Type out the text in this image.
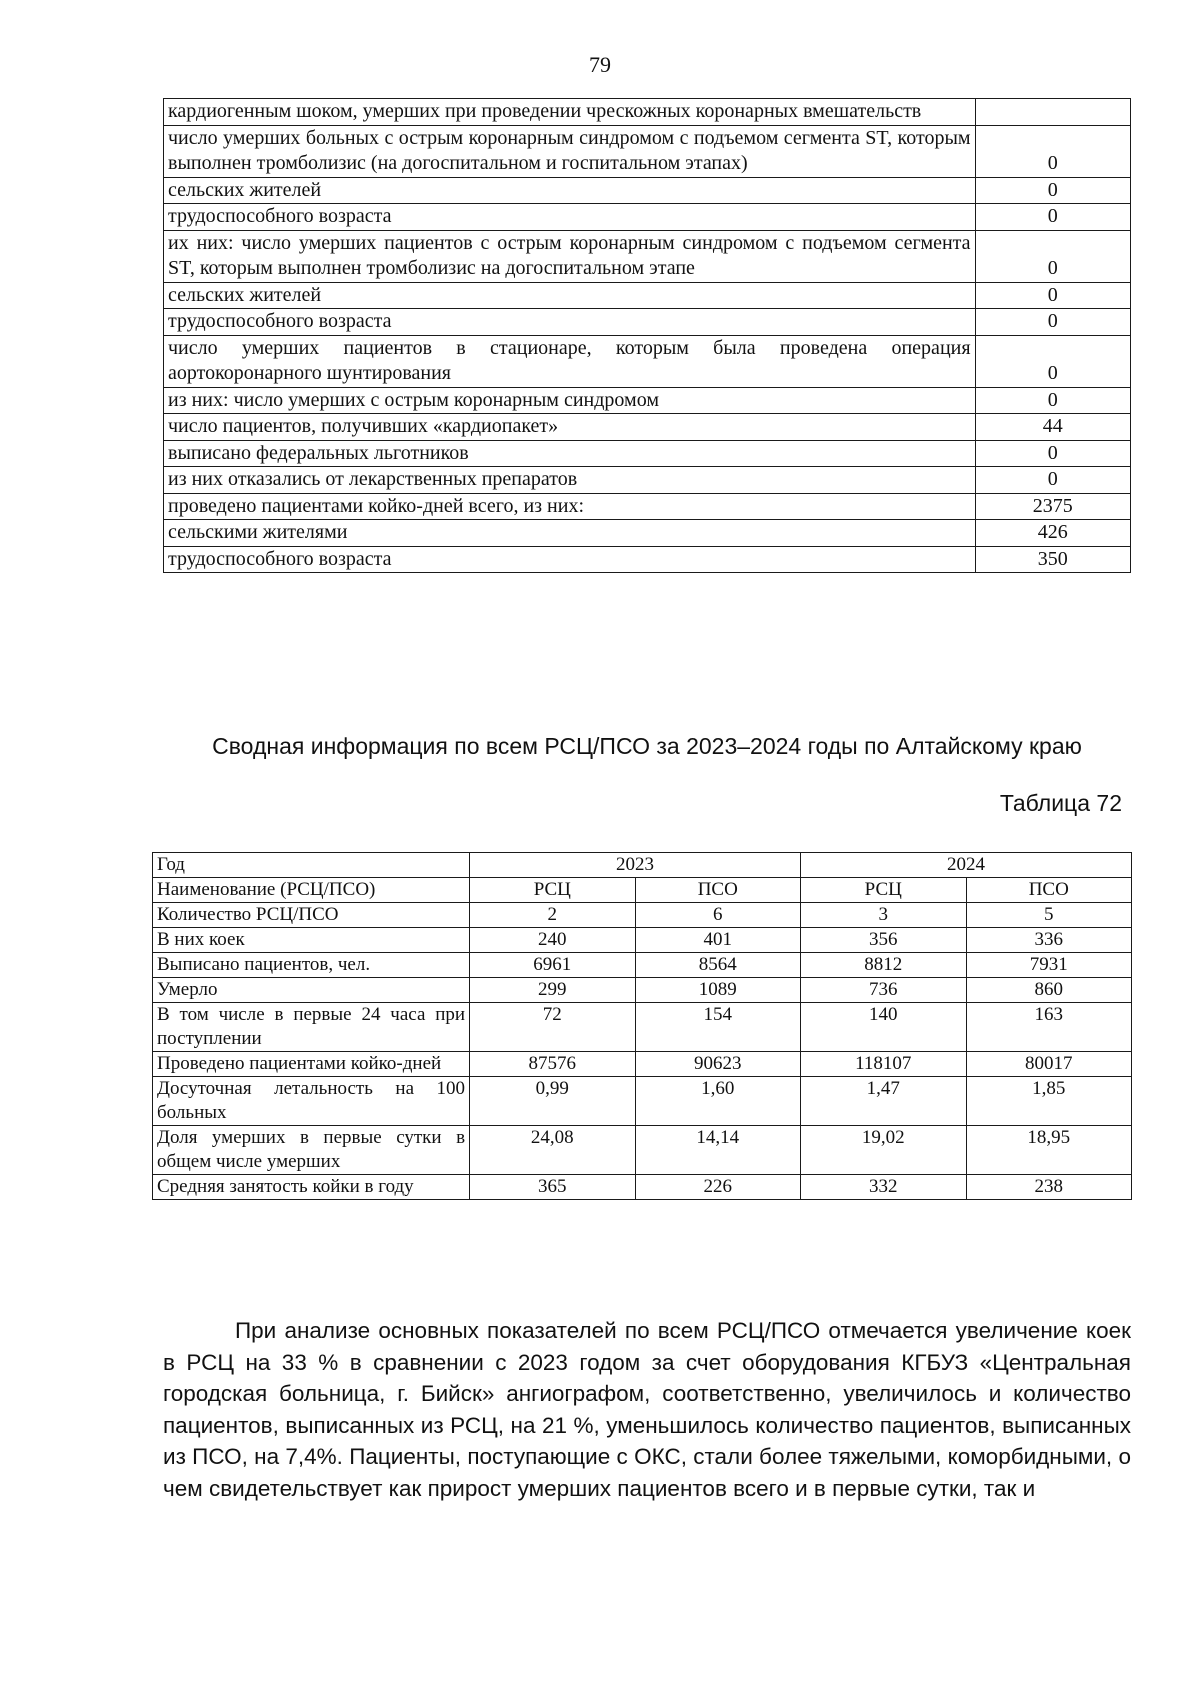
79
кардиогенным шоком, умерших при проведении чрескожных коронарных вмешательств	
число умерших больных с острым коронарным синдромом с подъемом сегмента ST, которым выполнен тромболизис (на догоспитальном и госпитальном этапах)	0
сельских жителей	0
трудоспособного возраста	0
их них: число умерших пациентов с острым коронарным синдромом с подъемом сегмента ST, которым выполнен тромболизис на догоспитальном этапе	0
сельских жителей	0
трудоспособного возраста	0
число умерших пациентов в стационаре, которым была проведена операция аортокоронарного шунтирования	0
из них: число умерших с острым коронарным синдромом	0
число пациентов, получивших «кардиопакет»	44
выписано федеральных льготников	0
из них отказались от лекарственных препаратов	0
проведено пациентами койко-дней всего, из них:	2375
сельскими жителями	426
трудоспособного возраста	350
Сводная информация по всем РСЦ/ПСО за 2023–2024 годы по Алтайскому краю
Таблица 72
Год	2023		2024	
Наименование (РСЦ/ПСО)	РСЦ	ПСО	РСЦ	ПСО
Количество РСЦ/ПСО	2	6	3	5
В них коек	240	401	356	336
Выписано пациентов, чел.	6961	8564	8812	7931
Умерло	299	1089	736	860
В том числе в первые 24 часа при поступлении	72	154	140	163
Проведено пациентами койко-дней	87576	90623	118107	80017
Досуточная летальность на 100 больных	0,99	1,60	1,47	1,85
Доля умерших в первые сутки в общем числе умерших	24,08	14,14	19,02	18,95
Средняя занятость койки в году	365	226	332	238

При анализе основных показателей по всем РСЦ/ПСО отмечается увеличение коек в РСЦ на 33 % в сравнении с 2023 годом за счет оборудования КГБУЗ «Центральная городская больница, г. Бийск» ангиографом, соответственно, увеличилось и количество пациентов, выписанных из РСЦ, на 21 %, уменьшилось количество пациентов, выписанных из ПСО, на 7,4%. Пациенты, поступающие с ОКС, стали более тяжелыми, коморбидными, о чем свидетельствует как прирост умерших пациентов всего и в первые сутки, так и
